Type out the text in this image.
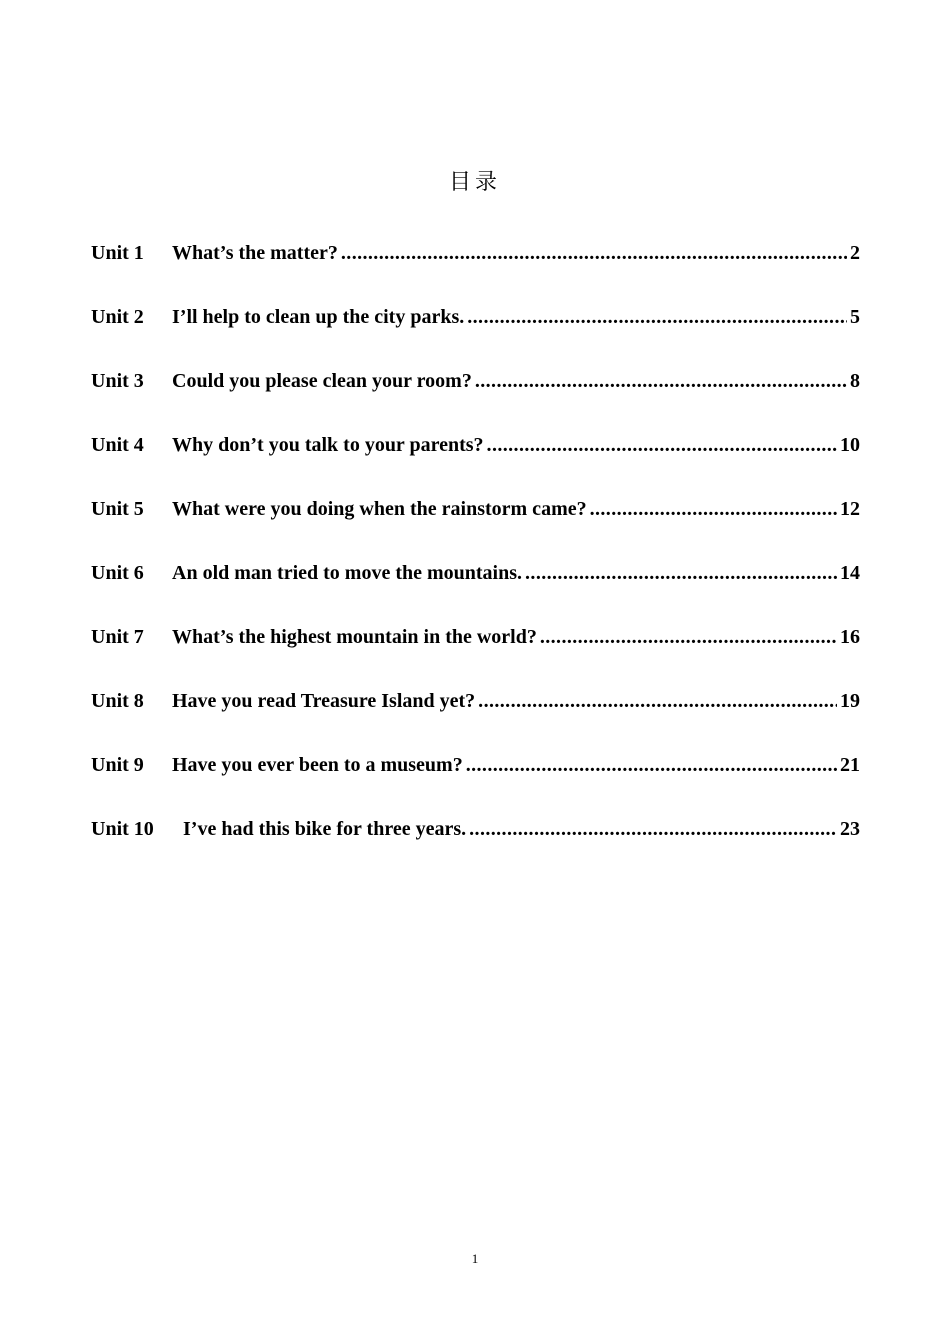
目录
Unit 1	What’s the matter? .....	2
Unit 2	I’ll help to clean up the city parks. .....	5
Unit 3	Could you please clean your room? .....	8
Unit 4	Why don’t you talk to your parents? .....	10
Unit 5	What were you doing when the rainstorm came? .....	12
Unit 6	An old man tried to move the mountains. .....	14
Unit 7	What’s the highest mountain in the world? .....	16
Unit 8	Have you read Treasure Island yet? .....	19
Unit 9	Have you ever been to a museum? .....	21
Unit 10	I’ve had this bike for three years. .....	23
1
